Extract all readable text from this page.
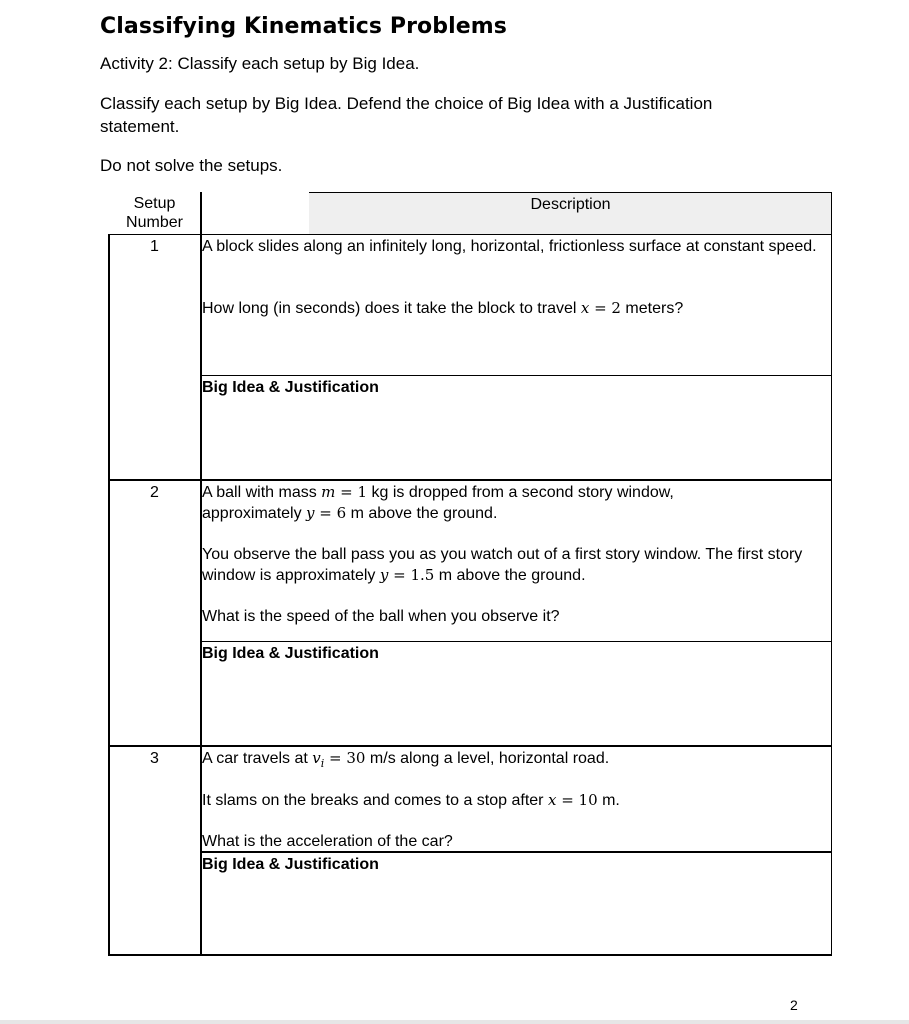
Classifying Kinematics Problems

Activity 2: Classify each setup by Big Idea.

Classify each setup by Big Idea. Defend the choice of Big Idea with a Justification statement.

Do not solve the setups.

Setup Number
Description
1	A block slides along an infinitely long, horizontal, frictionless surface at constant speed.
How long (in seconds) does it take the block to travel x = 2 meters?
Big Idea & Justification
2	A ball with mass m = 1 kg is dropped from a second story window, approximately y = 6 m above the ground.
You observe the ball pass you as you watch out of a first story window. The first story window is approximately y = 1.5 m above the ground.
What is the speed of the ball when you observe it?
Big Idea & Justification
3	A car travels at $v_i = 30$ m/s along a level, horizontal road.
It slams on the breaks and comes to a stop after x = 10 m.
What is the acceleration of the car?
Big Idea & Justification
2
